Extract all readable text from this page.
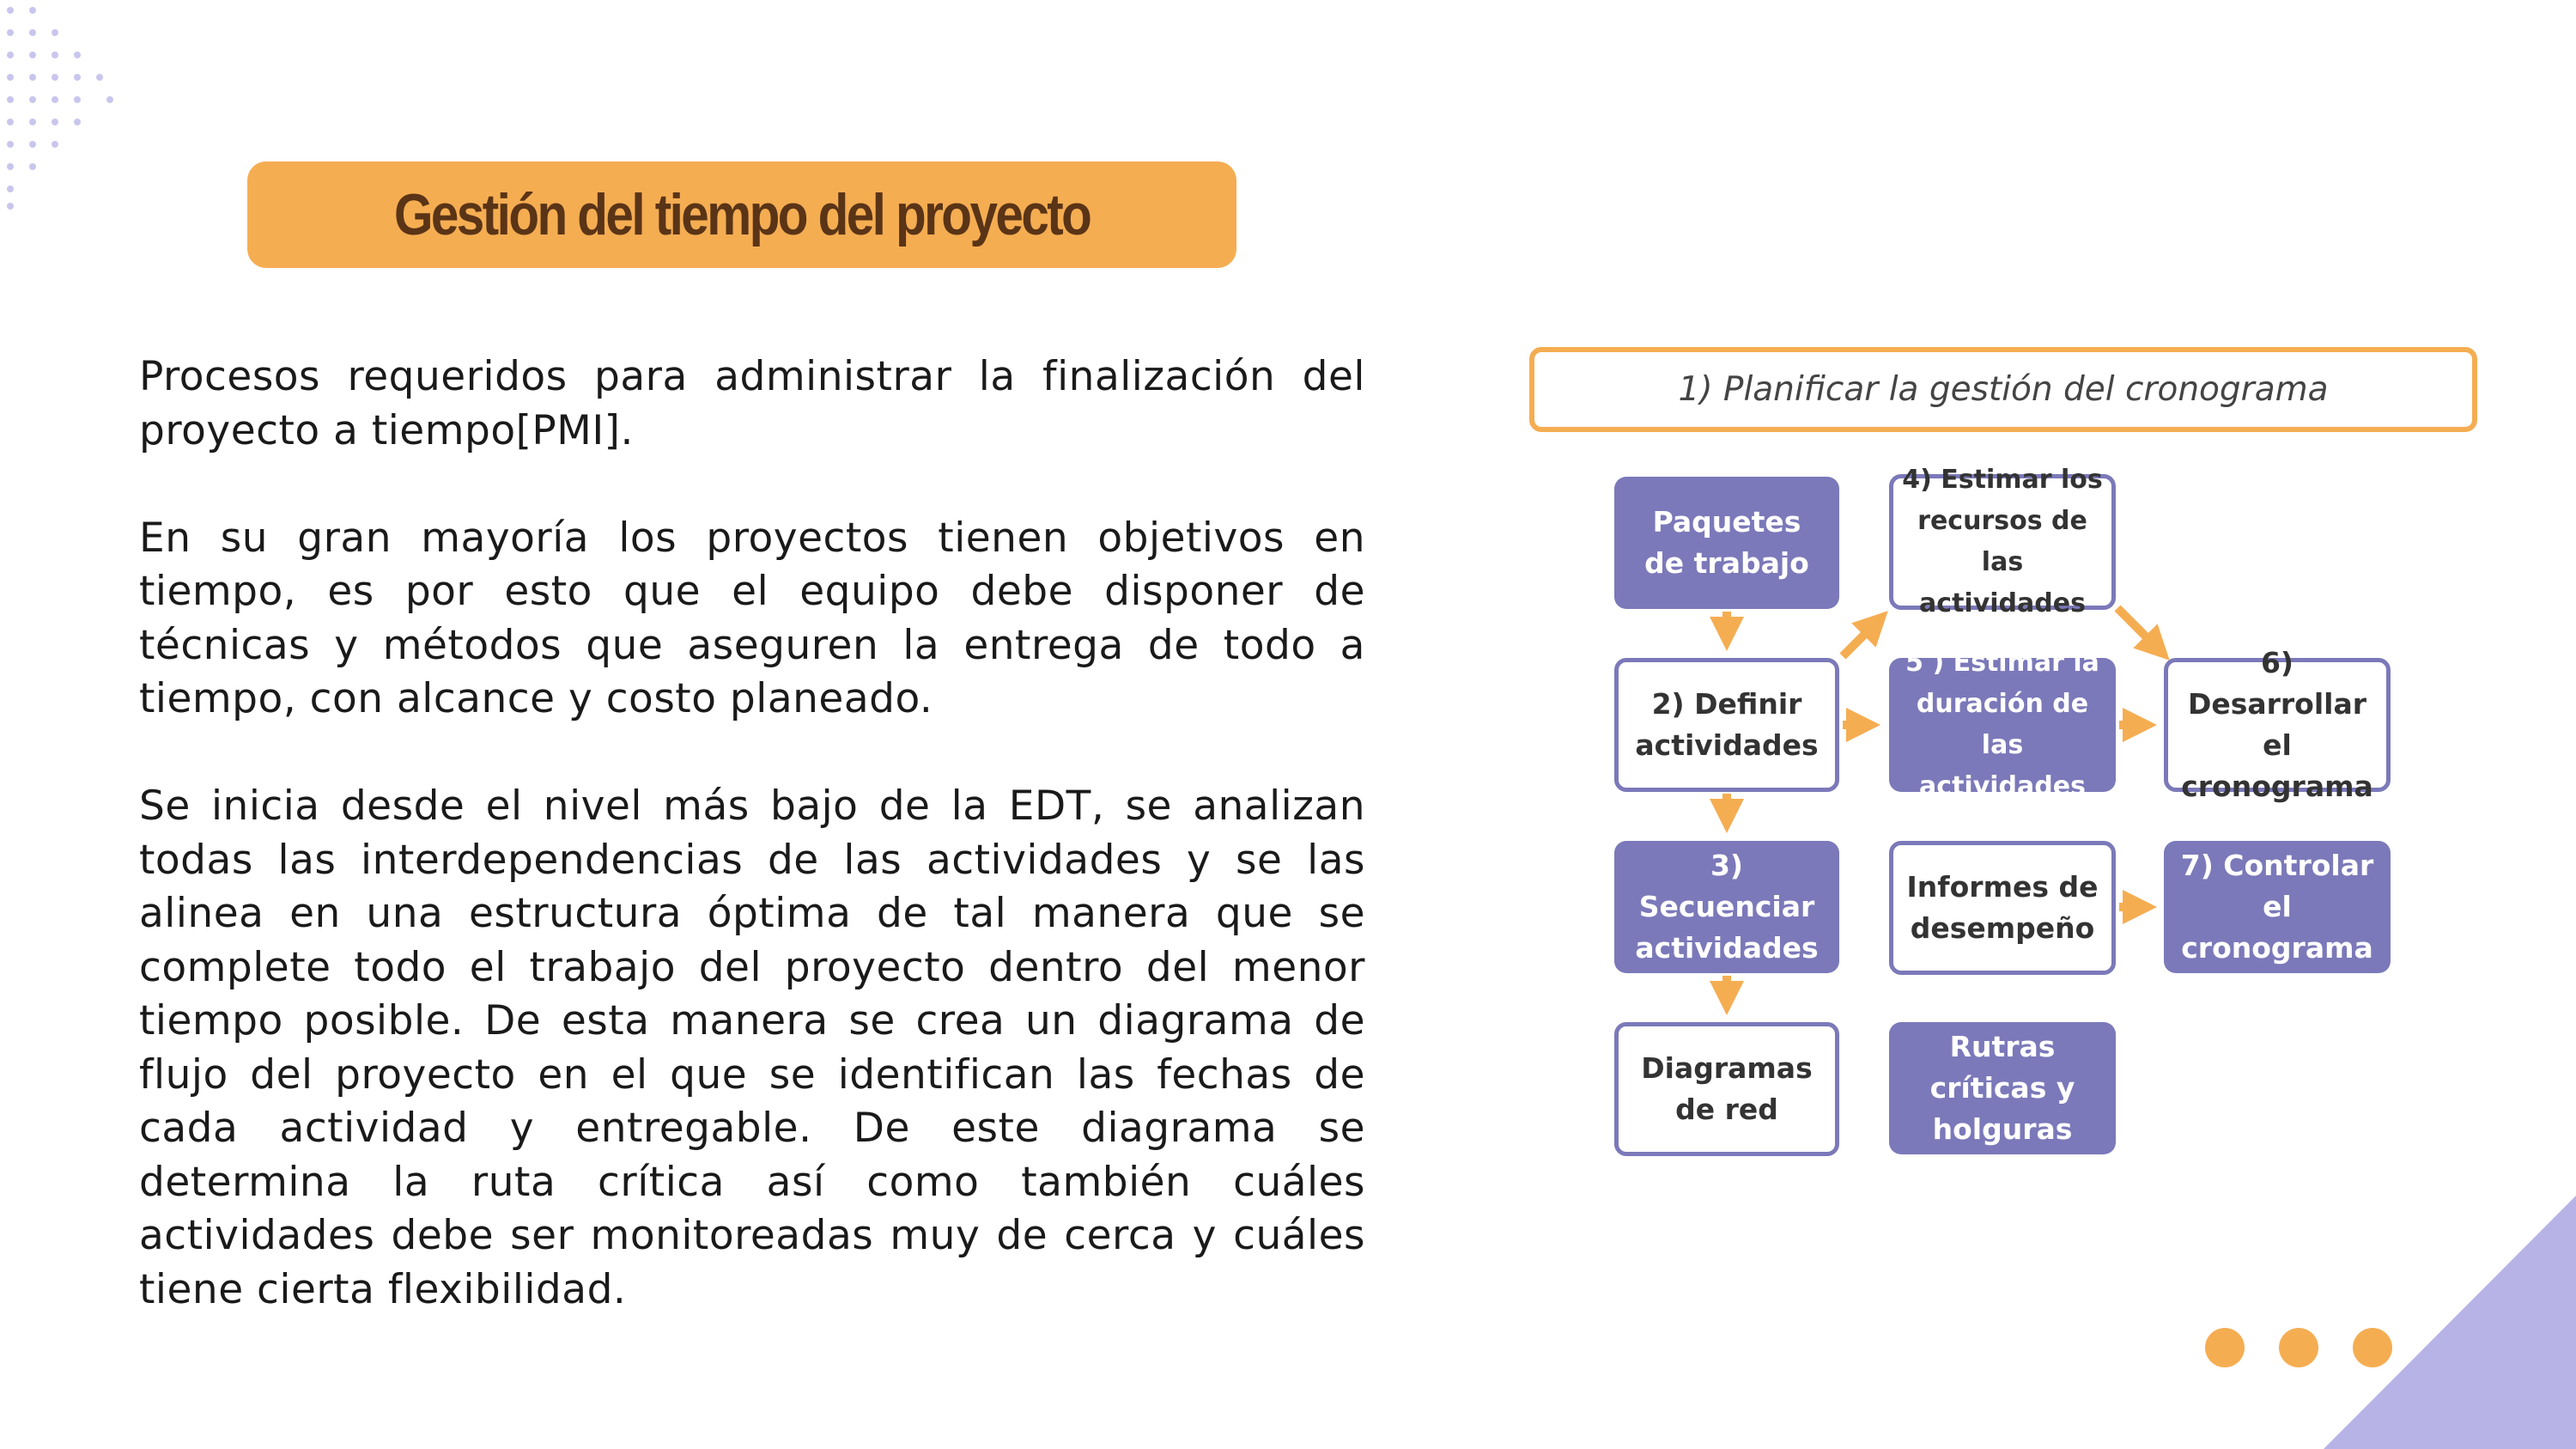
Gestión del tiempo del proyecto

Procesos requeridos para administrar la finalización del proyecto a tiempo[PMI].

En su gran mayoría los proyectos tienen objetivos en tiempo, es por esto que el equipo debe disponer de técnicas y métodos que aseguren la entrega de todo a tiempo, con alcance y costo planeado.

Se inicia desde el nivel más bajo de la EDT, se analizan todas las interdependencias de las actividades y se las alinea en una estructura óptima de tal manera que se complete todo el trabajo del proyecto dentro del menor tiempo posible. De esta manera se crea un diagrama de flujo del proyecto en el que se identifican las fechas de cada actividad y entregable. De este diagrama se determina la ruta crítica así como también cuáles actividades debe ser monitoreadas muy de cerca y cuáles tiene cierta flexibilidad.

1) Planificar la gestión del cronograma
Paquetes de trabajo
2) Definir actividades
3) Secuenciar actividades
Diagramas de red
4) Estimar los recursos de las actividades
5 ) Estimar la duración de las actividades
Informes de desempeño
Rutras críticas y holguras
6) Desarrollar el cronograma
7) Controlar el cronograma
